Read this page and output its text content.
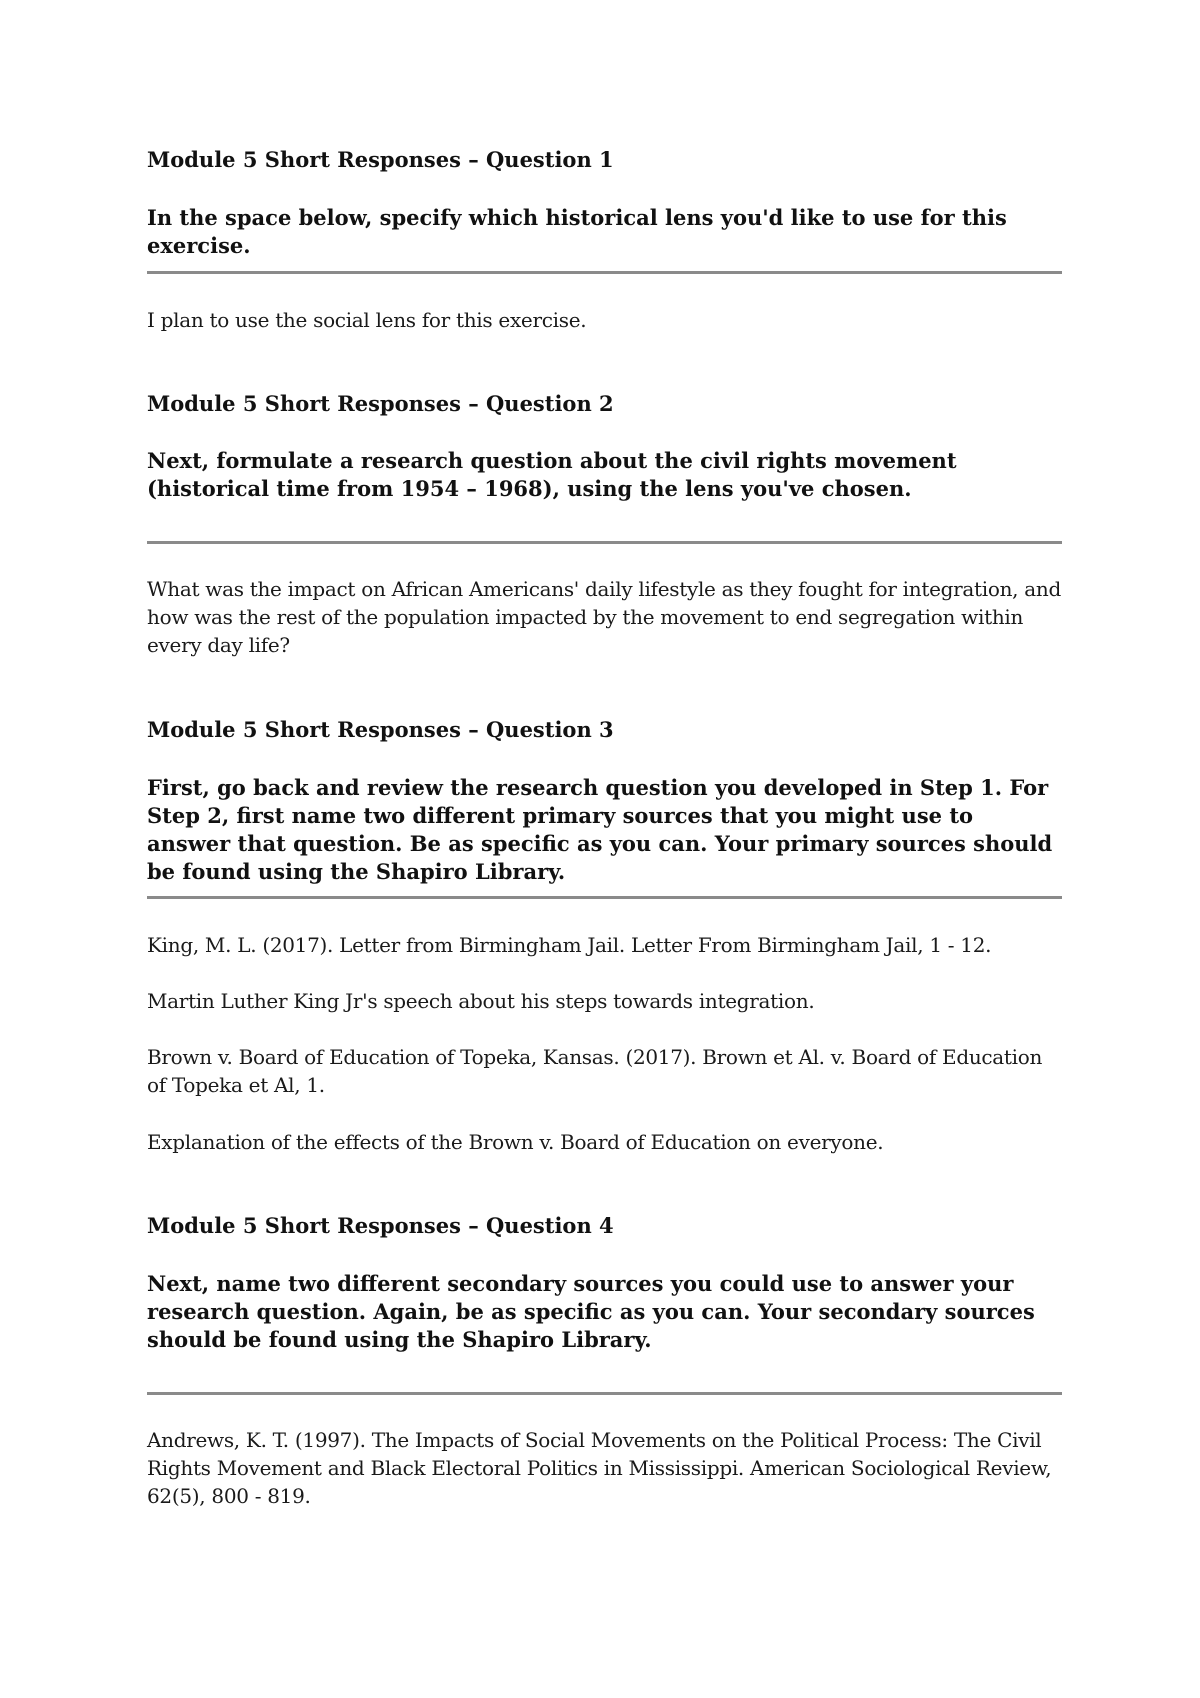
Module 5 Short Responses – Question 1

In the space below, specify which historical lens you'd like to use for this exercise.

I plan to use the social lens for this exercise.

Module 5 Short Responses – Question 2

Next, formulate a research question about the civil rights movement (historical time from 1954 – 1968), using the lens you've chosen.

What was the impact on African Americans' daily lifestyle as they fought for integration, and how was the rest of the population impacted by the movement to end segregation within every day life?

Module 5 Short Responses – Question 3

First, go back and review the research question you developed in Step 1. For Step 2, first name two different primary sources that you might use to answer that question. Be as specific as you can. Your primary sources should be found using the Shapiro Library.

King, M. L. (2017). Letter from Birmingham Jail. Letter From Birmingham Jail, 1 - 12.

Martin Luther King Jr's speech about his steps towards integration.

Brown v. Board of Education of Topeka, Kansas. (2017). Brown et Al. v. Board of Education of Topeka et Al, 1.

Explanation of the effects of the Brown v. Board of Education on everyone.

Module 5 Short Responses – Question 4

Next, name two different secondary sources you could use to answer your research question. Again, be as specific as you can. Your secondary sources should be found using the Shapiro Library.

Andrews, K. T. (1997). The Impacts of Social Movements on the Political Process: The Civil Rights Movement and Black Electoral Politics in Mississippi. American Sociological Review, 62(5), 800 - 819.
